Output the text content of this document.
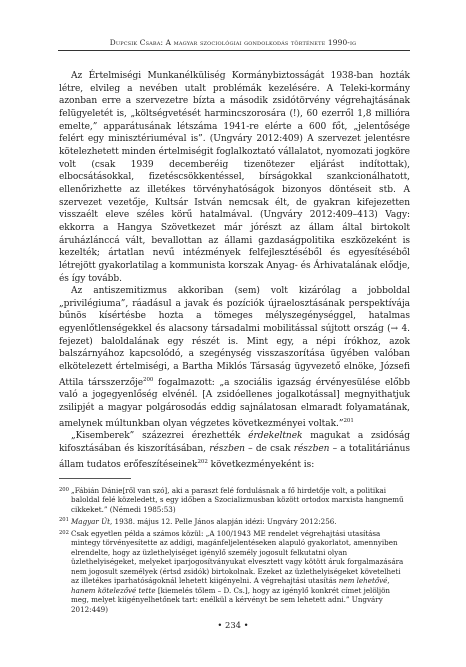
Dupcsik Csaba: A magyar szociológiai gondolkodás története 1990-ig

Az Értelmiségi Munkanélküliség Kormánybiztosságát 1938-ban hozták létre, elvileg a nevében utalt problémák kezelésére. A Teleki-kormány azonban erre a szervezetre bízta a második zsidótörvény végrehajtásának felügyeletét is, „költségvetését harmincszorosára (!), 60 ezerről 1,8 millióra emelte,” apparátusának létszáma 1941-re elérte a 600 főt, „jelentősége felért egy minisztériuméval is”. (Ungváry 2012:409) A szervezet jelentésre kötelezhetett minden értelmiségit foglalkoztató vállalatot, nyomozati jogköre volt (csak 1939 decemberéig tizenötezer eljárást indítottak), elbocsátásokkal, fizetéscsökkentéssel, bírságokkal szankcionálhatott, ellenőrizhette az illetékes törvényhatóságok bizonyos döntéseit stb. A szervezet vezetője, Kultsár István nemcsak élt, de gyakran kifejezetten visszaélt eleve széles körű hatalmával. (Ungváry 2012:409–413) Vagy: ekkorra a Hangya Szövetkezet már jórészt az állam által birtokolt áruházlánccá vált, bevallottan az állami gazdaságpolitika eszközeként is kezelték; ártatlan nevű intézmények felfejlesztéséből és egyesítéséből létrejött gyakorlatilag a kommunista korszak Anyag- és Árhivatalának elődje, és így tovább.

Az antiszemitizmus akkoriban (sem) volt kizárólag a jobboldal „privilégiuma”, ráadásul a javak és pozíciók újraelosztásának perspektívája bűnös kísértésbe hozta a tömeges mélyszegénységgel, hatalmas egyenlőtlenségekkel és alacsony társadalmi mobilitással sújtott ország (→ 4. fejezet) baloldalának egy részét is. Mint egy, a népi írókhoz, azok balszárnyához kapcsolódó, a szegénység visszaszorítása ügyében valóban elkötelezett értelmiségi, a Bartha Miklós Társaság ügyvezető elnöke, Józsefi Attila társszerzője$^{200}$ fogalmazott: „a szociális igazság érvényesülése előbb való a jogegyenlőség elvénél. [A zsidóellenes jogalkotással] megnyithatjuk zsilipjét a magyar polgárosodás eddig sajnálatosan elmaradt folyamatának, amelynek múltunkban olyan végzetes következményei voltak.”$^{201}$

„Kisemberek” százezrei érezhették érdekeltnek magukat a zsidóság kifosztásában és kiszorításában, részben – de csak részben – a totalitáriánus állam tudatos erőfeszítéseinek$^{202}$ következményeként is:

200 „Fábián Dánie[ről van szó], aki a paraszt felé fordulásnak a fő hirdetője volt, a politikai baloldal felé közeledett, s egy időben a Szocializmusban között ortodox marxista hangnemű cikkeket.” (Némedi 1985:53)
201 Magyar Út, 1938. május 12. Pelle János alapján idézi: Ungváry 2012:256.
202 Csak egyetlen példa a számos közül: „A 100/1943 ME rendelet végrehajtási utasítása mintegy törvényesítette az addigi, magánfeljelentéseken alapuló gyakorlatot, amennyiben elrendelte, hogy az üzlethelyiséget igénylő személy jogosult felkutatni olyan üzlethelyiségeket, melyeket iparjogosítványukat elvesztett vagy kötött áruk forgalmazására nem jogosult személyek (értsd zsidók) birtokolnak. Ezeket az üzlethelyiségeket követelheti az illetékes iparhatóságoknál lehetett kiigényelni. A végrehajtási utasítás nem lehetővé, hanem kötelezővé tette [kiemelés tőlem – D. Cs.], hogy az igénylő konkrét címet jelöljön meg, melyet kiigényelhetőnek tart: enélkül a kérvényt be sem lehetett adni.” Ungváry 2012:449)
• 234 •
